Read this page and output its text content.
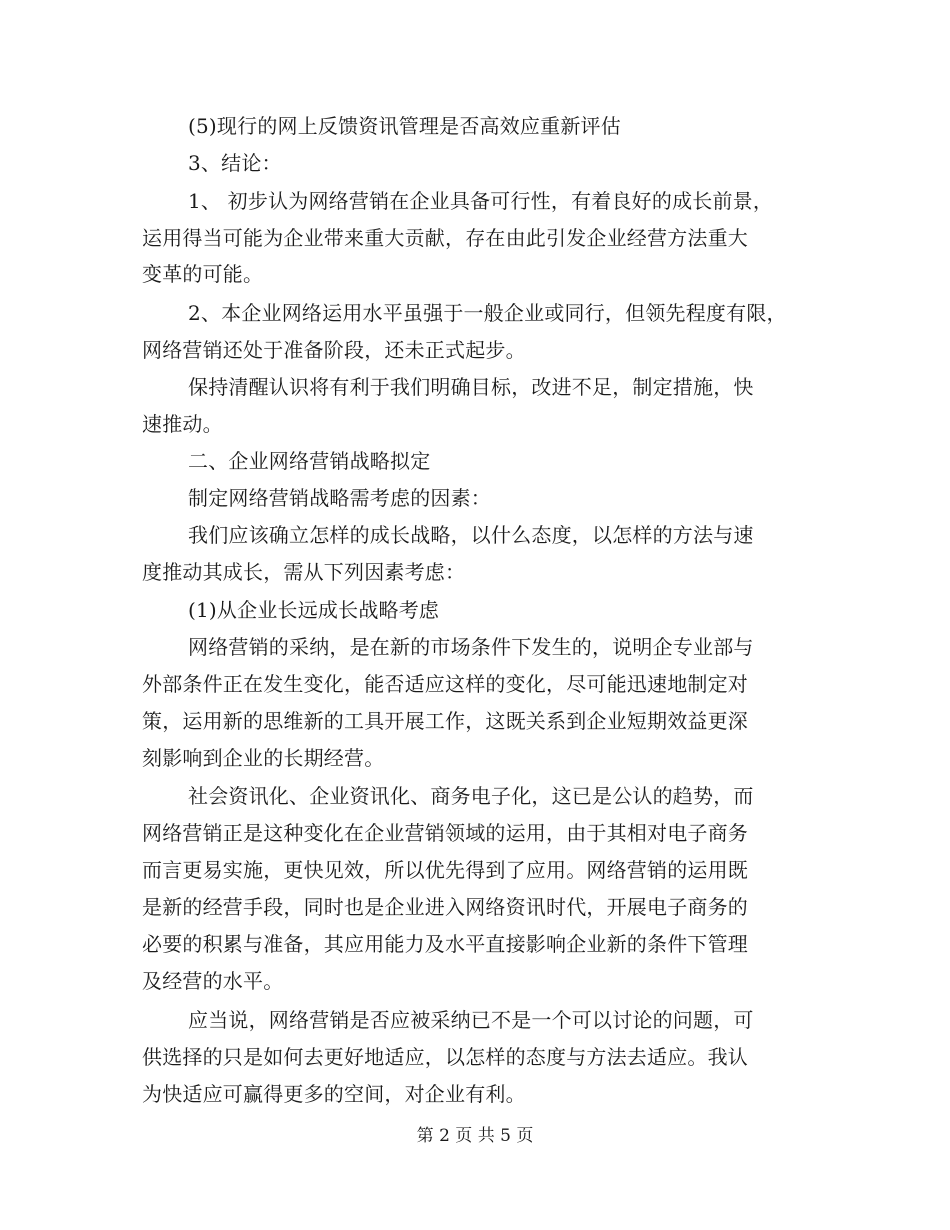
(5)现行的网上反馈资讯管理是否高效应重新评估
3、结论：
1、 初步认为网络营销在企业具备可行性，有着良好的成长前景，
运用得当可能为企业带来重大贡献，存在由此引发企业经营方法重大
变革的可能。
2、本企业网络运用水平虽强于一般企业或同行，但领先程度有限，
网络营销还处于准备阶段，还未正式起步。
保持清醒认识将有利于我们明确目标，改进不足，制定措施，快
速推动。
二、企业网络营销战略拟定
制定网络营销战略需考虑的因素：
我们应该确立怎样的成长战略，以什么态度，以怎样的方法与速
度推动其成长，需从下列因素考虑：
(1)从企业长远成长战略考虑
网络营销的采纳，是在新的市场条件下发生的，说明企专业部与
外部条件正在发生变化，能否适应这样的变化，尽可能迅速地制定对
策，运用新的思维新的工具开展工作，这既关系到企业短期效益更深
刻影响到企业的长期经营。
社会资讯化、企业资讯化、商务电子化，这已是公认的趋势，而
网络营销正是这种变化在企业营销领域的运用，由于其相对电子商务
而言更易实施，更快见效，所以优先得到了应用。网络营销的运用既
是新的经营手段，同时也是企业进入网络资讯时代，开展电子商务的
必要的积累与准备，其应用能力及水平直接影响企业新的条件下管理
及经营的水平。
应当说，网络营销是否应被采纳已不是一个可以讨论的问题，可
供选择的只是如何去更好地适应，以怎样的态度与方法去适应。我认
为快适应可赢得更多的空间，对企业有利。
第 2 页 共 5 页
